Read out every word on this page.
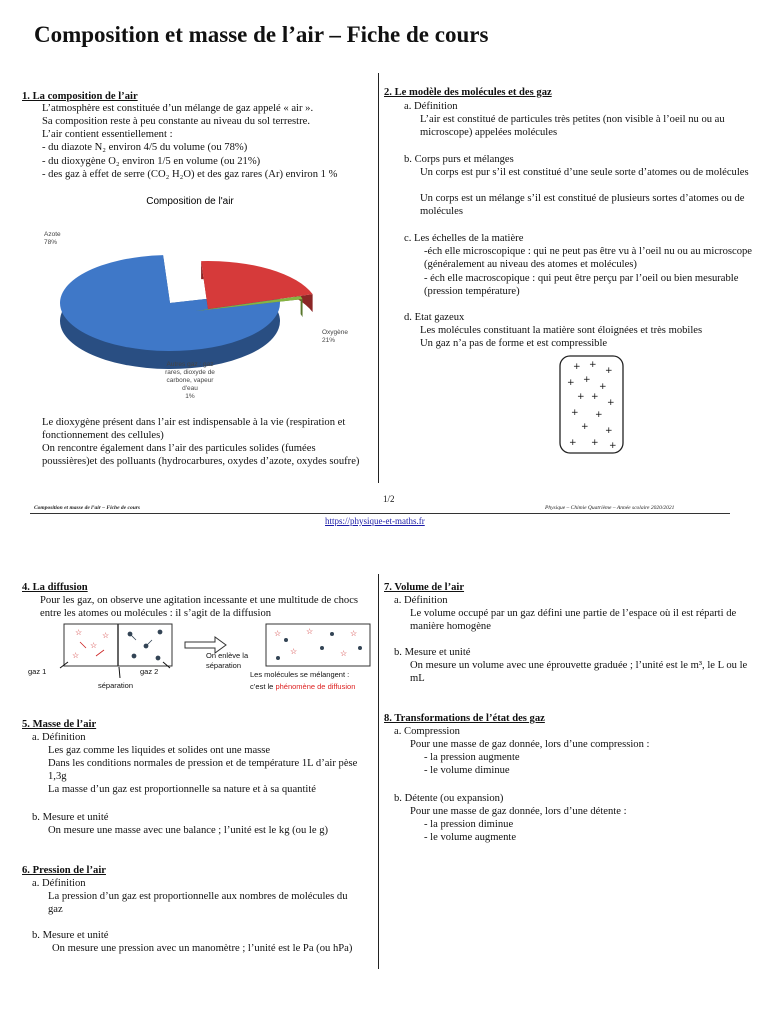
Composition et masse de l’air – Fiche de cours
1. La composition de l’air
L’atmosphère est constituée d’un mélange de gaz appelé « air ».
Sa composition reste à peu constante au niveau du sol terrestre.
L’air contient essentiellement :
- du diazote N₂ environ 4/5 du volume (ou 78%)
- du dioxygène O₂ environ 1/5 en volume (ou 21%)
- des gaz à effet de serre (CO₂ H₂O) et des gaz rares (Ar) environ 1 %
Composition de l'air
Azote 78%
Oxygène 21%
Autres gaz : gaz rares, dioxyde de carbone, vapeur d'eau 1%
Le dioxygène présent dans l’air est indispensable à la vie (respiration et fonctionnement des cellules)
On rencontre également dans l’air des particules solides (fumées poussières)et des polluants (hydrocarbures, oxydes d’azote, oxydes soufre)
2. Le modèle des molécules et des gaz
a. Définition
L’air est constitué de particules très petites (non visible à l’oeil nu ou au microscope) appelées molécules
b. Corps purs et mélanges
Un corps est pur s’il est constitué d’une seule sorte d’atomes ou de molécules
Un corps est un mélange s’il est constitué de plusieurs sortes d’atomes ou de molécules
c. Les échelles de la matière
-éch elle microscopique : qui ne peut pas être vu à l’oeil nu ou au microscope (généralement au niveau des atomes et molécules)
- éch elle macroscopique : qui peut être perçu par l’oeil ou bien mesurable (pression température)
d. Etat gazeux
Les molécules constituant la matière sont éloignées et très mobiles
Un gaz n’a pas de forme et est compressible
+ +
+
+ +
+
+ +
+
+ +
+ +
+ + +
1/2
Composition et masse de l’air – Fiche de cours	Physique – Chimie Quatrième – Année scolaire 2020/2021
https://physique-et-maths.fr
4. La diffusion
Pour les gaz, on observe une agitation incessante et une multitude de chocs entre les atomes ou molécules : il s’agit de la diffusion
☆
☆
☆
☆	☆	☆
☆	☆
☆
gaz 1	gaz 2
séparation
On enlève la
séparation
Les molécules se mélangent :
c’est le phénomène de diffusion
5. Masse de l’air
a. Définition
Les gaz comme les liquides et solides ont une masse
Dans les conditions normales de pression et de température 1L d’air pèse 1,3g
La masse d’un gaz est proportionnelle sa nature et à sa quantité
b. Mesure et unité
On mesure une masse avec une balance ; l’unité est le kg (ou le g)
6. Pression de l’air
a. Définition
La pression d’un gaz est proportionnelle aux nombres de molécules du gaz
b. Mesure et unité
On mesure une pression avec un manomètre ; l’unité est le Pa (ou hPa)
7. Volume de l’air
a. Définition
Le volume occupé par un gaz défini une partie de l’espace où il est réparti de manière homogène
b. Mesure et unité
On mesure un volume avec une éprouvette graduée ; l’unité est le m³, le L ou le mL
8. Transformations de l’état des gaz
a. Compression
Pour une masse de gaz donnée, lors d’une compression :
- la pression augmente
- le volume diminue
b. Détente (ou expansion)
Pour une masse de gaz donnée, lors d’une détente :
- la pression diminue
- le volume augmente
